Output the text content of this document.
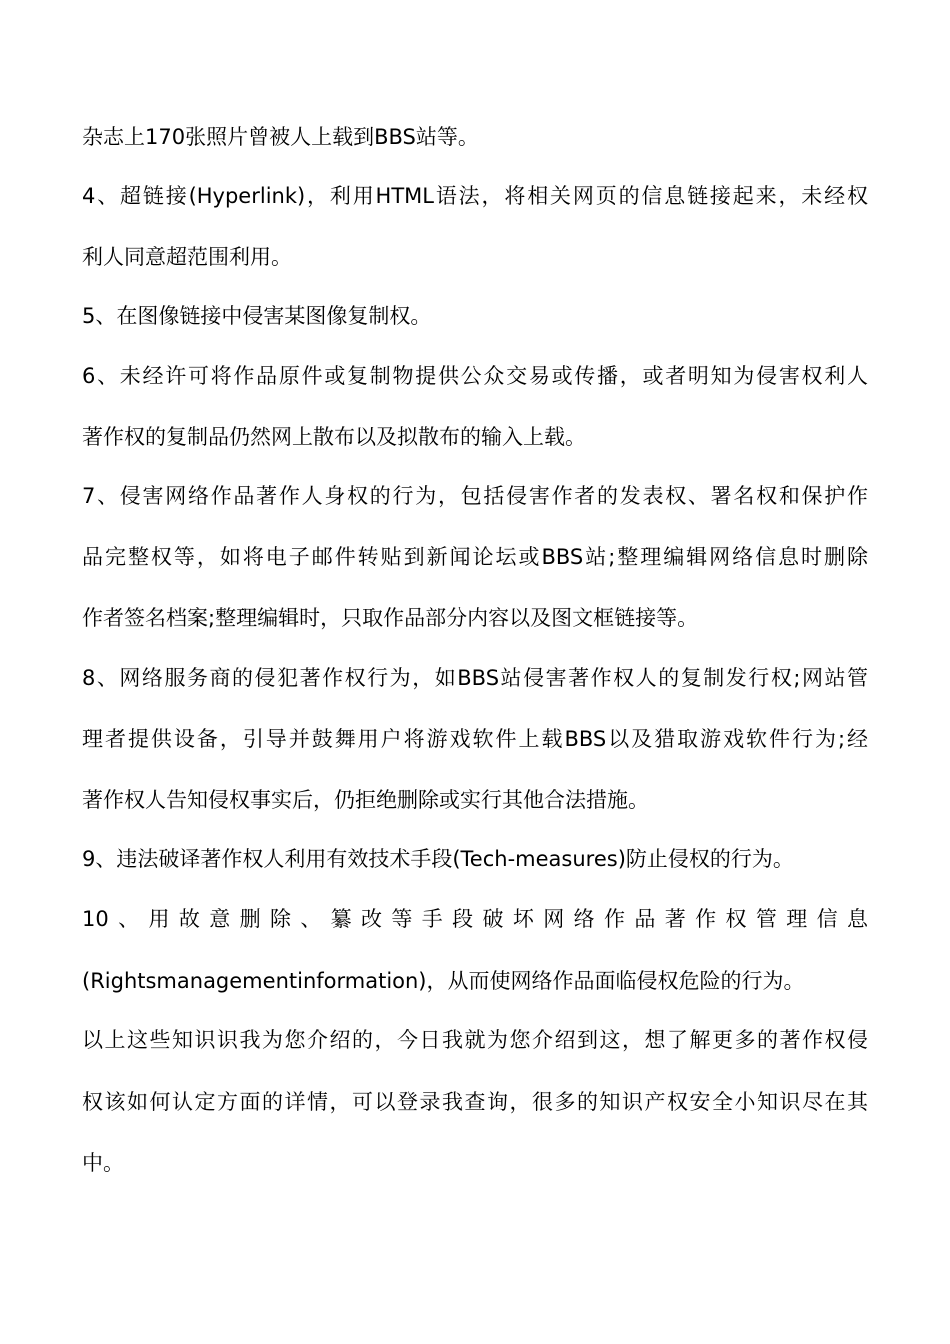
杂志上170张照片曾被人上载到BBS站等。
4、超链接(Hyperlink)，利用HTML语法，将相关网页的信息链接起来，未经权
利人同意超范围利用。
5、在图像链接中侵害某图像复制权。
6、未经许可将作品原件或复制物提供公众交易或传播，或者明知为侵害权利人
著作权的复制品仍然网上散布以及拟散布的输入上载。
7、侵害网络作品著作人身权的行为，包括侵害作者的发表权、署名权和保护作
品完整权等，如将电子邮件转贴到新闻论坛或BBS站;整理编辑网络信息时删除
作者签名档案;整理编辑时，只取作品部分内容以及图文框链接等。
8、网络服务商的侵犯著作权行为，如BBS站侵害著作权人的复制发行权;网站管
理者提供设备，引导并鼓舞用户将游戏软件上载BBS以及猎取游戏软件行为;经
著作权人告知侵权事实后，仍拒绝删除或实行其他合法措施。
9、违法破译著作权人利用有效技术手段(Tech-measures)防止侵权的行为。
10、用故意删除、纂改等手段破坏网络作品著作权管理信息
(Rightsmanagementinformation)，从而使网络作品面临侵权危险的行为。
以上这些知识识我为您介绍的，今日我就为您介绍到这，想了解更多的著作权侵
权该如何认定方面的详情，可以登录我查询，很多的知识产权安全小知识尽在其
中。
